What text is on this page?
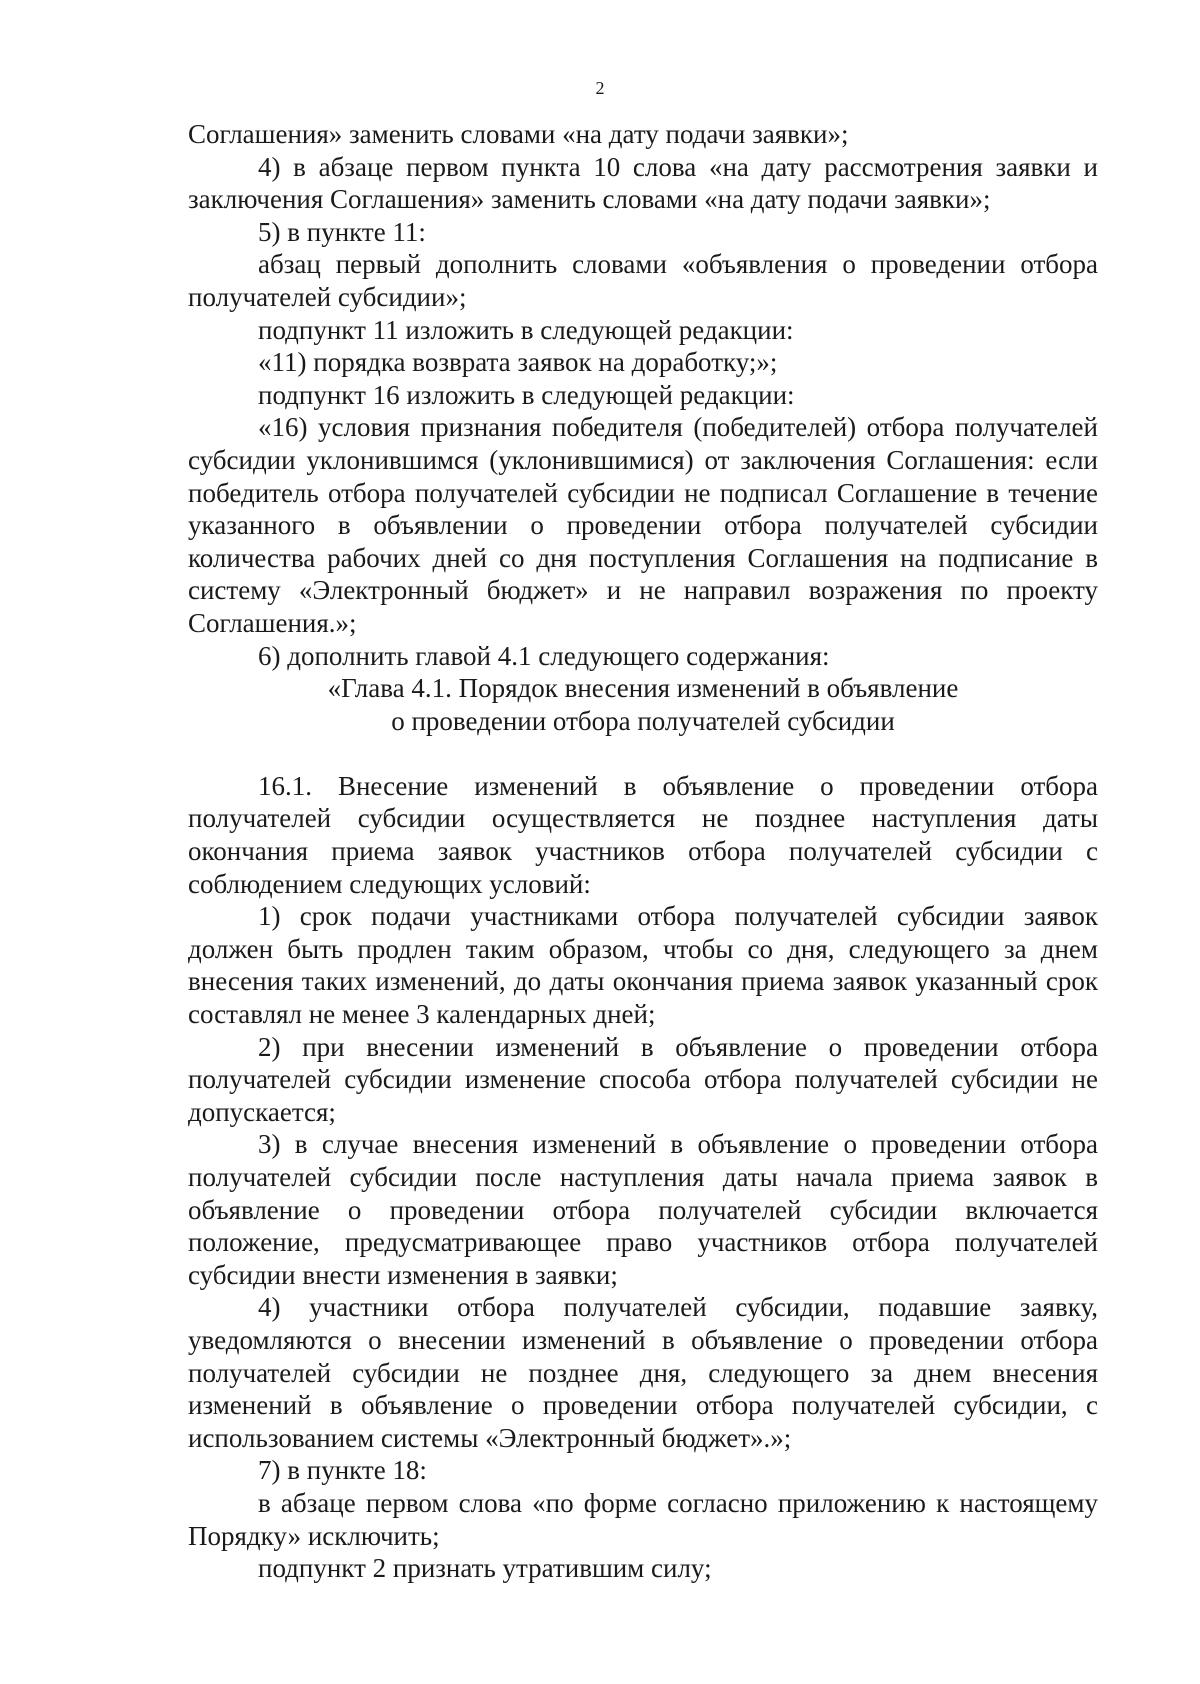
2

Соглашения» заменить словами «на дату подачи заявки»;

4) в абзаце первом пункта 10 слова «на дату рассмотрения заявки и заключения Соглашения» заменить словами «на дату подачи заявки»;

5) в пункте 11:

абзац первый дополнить словами «объявления о проведении отбора получателей субсидии»;

подпункт 11 изложить в следующей редакции:

«11) порядка возврата заявок на доработку;»;

подпункт 16 изложить в следующей редакции:

«16) условия признания победителя (победителей) отбора получателей субсидии уклонившимся (уклонившимися) от заключения Соглашения: если победитель отбора получателей субсидии не подписал Соглашение в течение указанного в объявлении о проведении отбора получателей субсидии количества рабочих дней со дня поступления Соглашения на подписание в систему «Электронный бюджет» и не направил возражения по проекту Соглашения.»;

6) дополнить главой 4.1 следующего содержания:

«Глава 4.1. Порядок внесения изменений в объявление

о проведении отбора получателей субсидии

16.1. Внесение изменений в объявление о проведении отбора получателей субсидии осуществляется не позднее наступления даты окончания приема заявок участников отбора получателей субсидии с соблюдением следующих условий:

1) срок подачи участниками отбора получателей субсидии заявок должен быть продлен таким образом, чтобы со дня, следующего за днем внесения таких изменений, до даты окончания приема заявок указанный срок составлял не менее 3 календарных дней;

2) при внесении изменений в объявление о проведении отбора получателей субсидии изменение способа отбора получателей субсидии не допускается;

3) в случае внесения изменений в объявление о проведении отбора получателей субсидии после наступления даты начала приема заявок в объявление о проведении отбора получателей субсидии включается положение, предусматривающее право участников отбора получателей субсидии внести изменения в заявки;

4) участники отбора получателей субсидии, подавшие заявку, уведомляются о внесении изменений в объявление о проведении отбора получателей субсидии не позднее дня, следующего за днем внесения изменений в объявление о проведении отбора получателей субсидии, с использованием системы «Электронный бюджет».»;

7) в пункте 18:

в абзаце первом слова «по форме согласно приложению к настоящему Порядку» исключить;

подпункт 2 признать утратившим силу;
